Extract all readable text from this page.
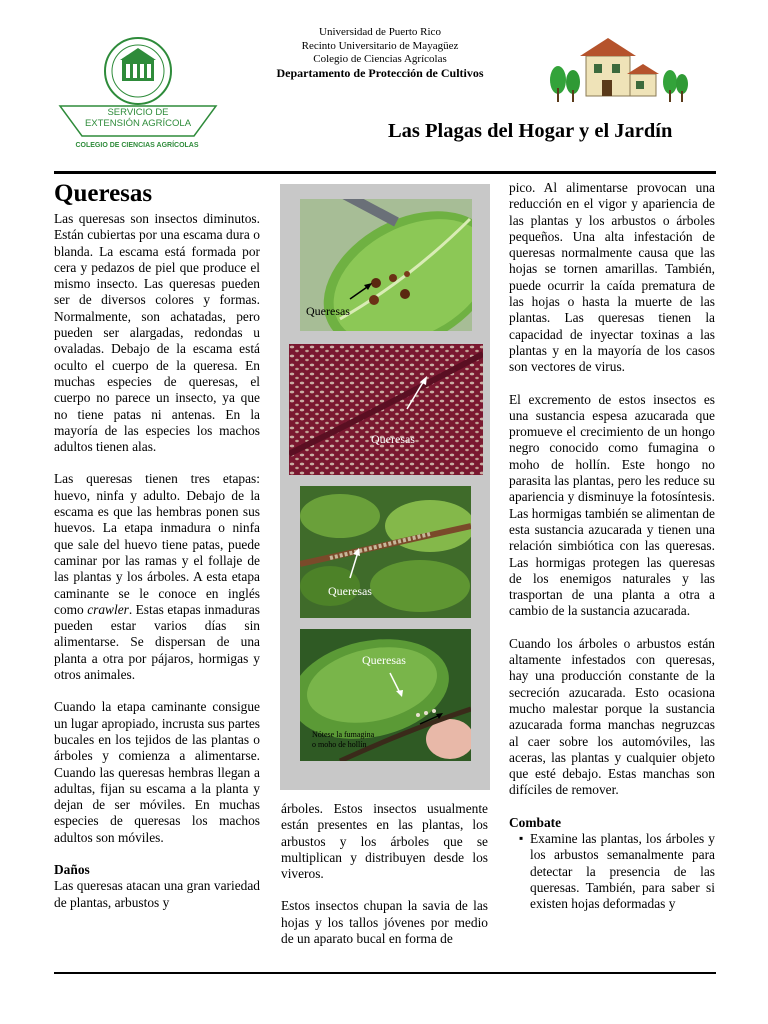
SERVICIO DE
EXTENSIÓN AGRÍCOLA
COLEGIO DE CIENCIAS AGRÍCOLAS
Universidad de Puerto Rico
Recinto Universitario de Mayagüez
Colegio de Ciencias Agrícolas
Departamento de Protección de Cultivos
Las Plagas del Hogar y el Jardín
Queresas

Las queresas son insectos diminutos. Están cubiertas por una escama dura o blanda. La escama está formada por cera y pedazos de piel que produce el mismo insecto. Las queresas pueden ser de diversos colores y formas. Normalmente, son achatadas, pero pueden ser alargadas, redondas u ovaladas. Debajo de la escama está oculto el cuerpo de la queresa. En muchas especies de queresas, el cuerpo no parece un insecto, ya que no tiene patas ni antenas. En la mayoría de las especies los machos adultos tienen alas.

Las queresas tienen tres etapas: huevo, ninfa y adulto. Debajo de la escama es que las hembras ponen sus huevos. La etapa inmadura o ninfa que sale del huevo tiene patas, puede caminar por las ramas y el follaje de las plantas y los árboles. A esta etapa caminante se le conoce en inglés como crawler. Estas etapas inmaduras pueden estar varios días sin alimentarse. Se dispersan de una planta a otra por pájaros, hormigas y otros animales.

Cuando la etapa caminante consigue un lugar apropiado, incrusta sus partes bucales en los tejidos de las plantas o árboles y comienza a alimentarse. Cuando las queresas hembras llegan a adultas, fijan su escama a la planta y dejan de ser móviles. En muchas especies de queresas los machos adultos son móviles.

Daños

Las queresas atacan una gran variedad de plantas, arbustos y

Queresas
Queresas
Queresas
Queresas
Nótese la fumagina
o moho de hollín

árboles. Estos insectos usualmente están presentes en las plantas, los arbustos y los árboles que se multiplican y distribuyen desde los viveros.

Estos insectos chupan la savia de las hojas y los tallos jóvenes por medio de un aparato bucal en forma de

pico. Al alimentarse provocan una reducción en el vigor y apariencia de las plantas y los arbustos o árboles pequeños. Una alta infestación de queresas normalmente causa que las hojas se tornen amarillas. También, puede ocurrir la caída prematura de las hojas o hasta la muerte de las plantas. Las queresas tienen la capacidad de inyectar toxinas a las plantas y en la mayoría de los casos son vectores de virus.

El excremento de estos insectos es una sustancia espesa azucarada que promueve el crecimiento de un hongo negro conocido como fumagina o moho de hollín. Este hongo no parasita las plantas, pero les reduce su apariencia y disminuye la fotosíntesis. Las hormigas también se alimentan de esta sustancia azucarada y tienen una relación simbiótica con las queresas. Las hormigas protegen las queresas de los enemigos naturales y las trasportan de una planta a otra a cambio de la sustancia azucarada.

Cuando los árboles o arbustos están altamente infestados con queresas, hay una producción constante de la secreción azucarada. Esto ocasiona mucho malestar porque la sustancia azucarada forma manchas negruzcas al caer sobre los automóviles, las aceras, las plantas y cualquier objeto que esté debajo. Estas manchas son difíciles de remover.

Combate
▪ Examine las plantas, los árboles y los arbustos semanalmente para detectar la presencia de las queresas. También, para saber si existen hojas deformadas y
